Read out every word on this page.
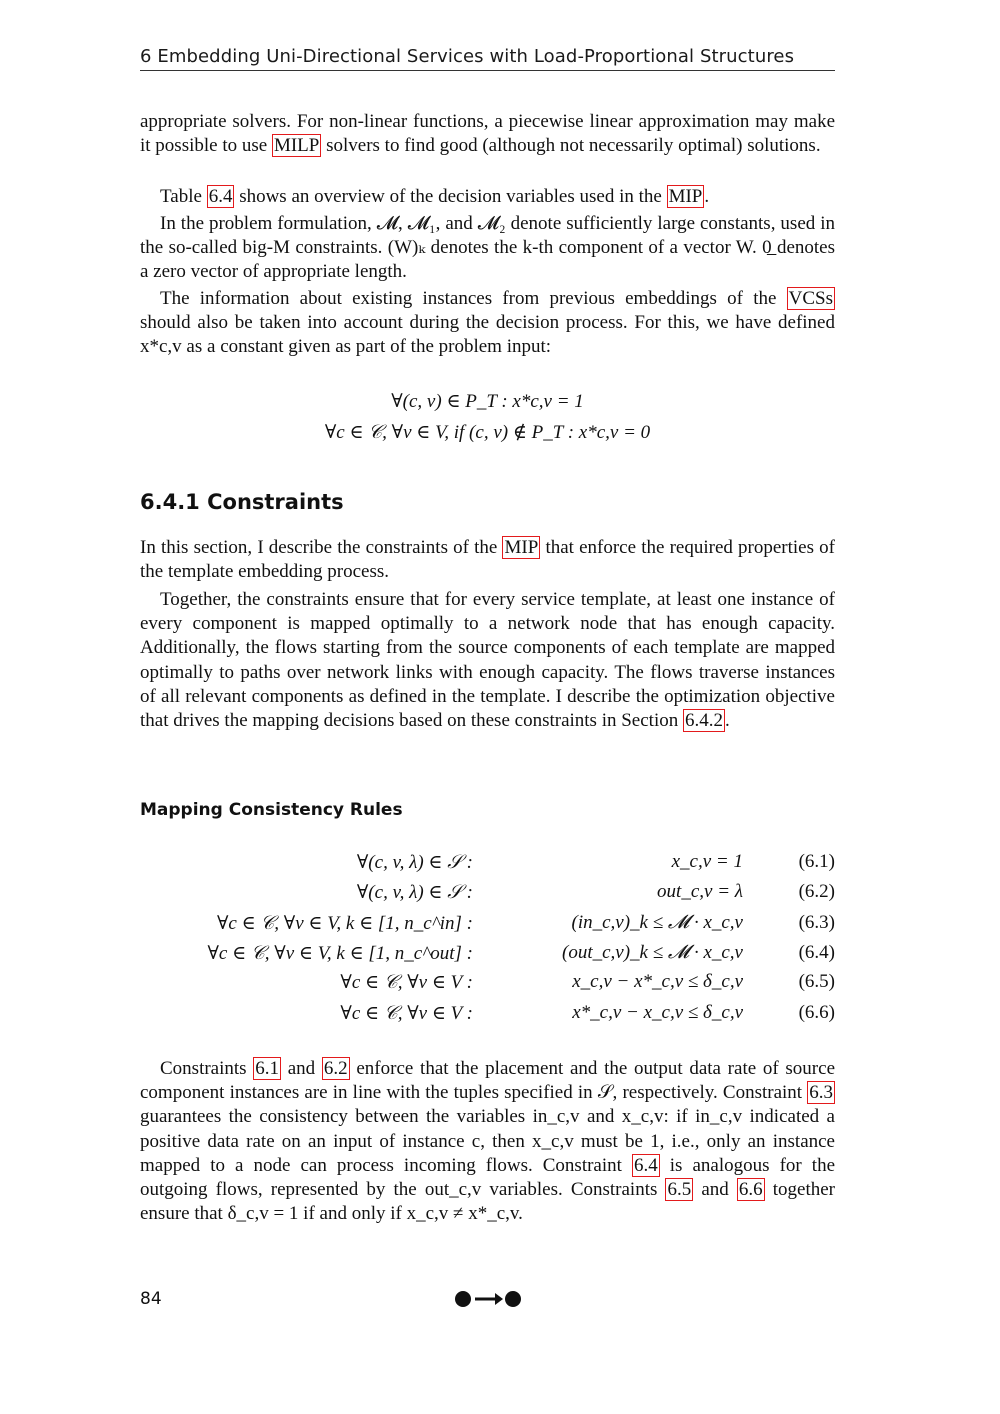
6 Embedding Uni-Directional Services with Load-Proportional Structures
appropriate solvers. For non-linear functions, a piecewise linear approximation may make it possible to use MILP solvers to find good (although not necessarily optimal) solutions.
Table 6.4 shows an overview of the decision variables used in the MIP .
In the problem formulation, 𝓜, 𝓜₁, and 𝓜₂ denote sufficiently large constants, used in the so-called big-M constraints. (W)ₖ denotes the k-th component of a vector W. 0̲ denotes a zero vector of appropriate length.
The information about existing instances from previous embeddings of the VCSs should also be taken into account during the decision process. For this, we have defined x*c,v as a constant given as part of the problem input:
∀(c, v) ∈ P_T : x*c,v = 1
∀c ∈ 𝒞, ∀v ∈ V, if (c, v) ∉ P_T : x*c,v = 0
6.4.1 Constraints
In this section, I describe the constraints of the MIP that enforce the required properties of the template embedding process.
Together, the constraints ensure that for every service template, at least one instance of every component is mapped optimally to a network node that has enough capacity. Additionally, the flows starting from the source components of each template are mapped optimally to paths over network links with enough capacity. The flows traverse instances of all relevant components as defined in the template. I describe the optimization objective that drives the mapping decisions based on these constraints in Section 6.4.2 .
Mapping Consistency Rules
∀(c, v, λ) ∈ 𝒮 :	x_c,v = 1	(6.1)
∀(c, v, λ) ∈ 𝒮 :	out_c,v = λ	(6.2)
∀c ∈ 𝒞, ∀v ∈ V, k ∈ [1, n_c^in] :	(in_c,v)_k ≤ 𝓜 · x_c,v	(6.3)
∀c ∈ 𝒞, ∀v ∈ V, k ∈ [1, n_c^out] :	(out_c,v)_k ≤ 𝓜 · x_c,v	(6.4)
∀c ∈ 𝒞, ∀v ∈ V :	x_c,v − x*_c,v ≤ δ_c,v	(6.5)
∀c ∈ 𝒞, ∀v ∈ V :	x*_c,v − x_c,v ≤ δ_c,v	(6.6)
Constraints 6.1 and 6.2 enforce that the placement and the output data rate of source component instances are in line with the tuples specified in 𝒮, respectively. Constraint 6.3 guarantees the consistency between the variables in_c,v and x_c,v: if in_c,v indicated a positive data rate on an input of instance c, then x_c,v must be 1, i.e., only an instance mapped to a node can process incoming flows. Constraint 6.4 is analogous for the outgoing flows, represented by the out_c,v variables. Constraints 6.5 and 6.6 together ensure that δ_c,v = 1 if and only if x_c,v ≠ x*_c,v.
84
